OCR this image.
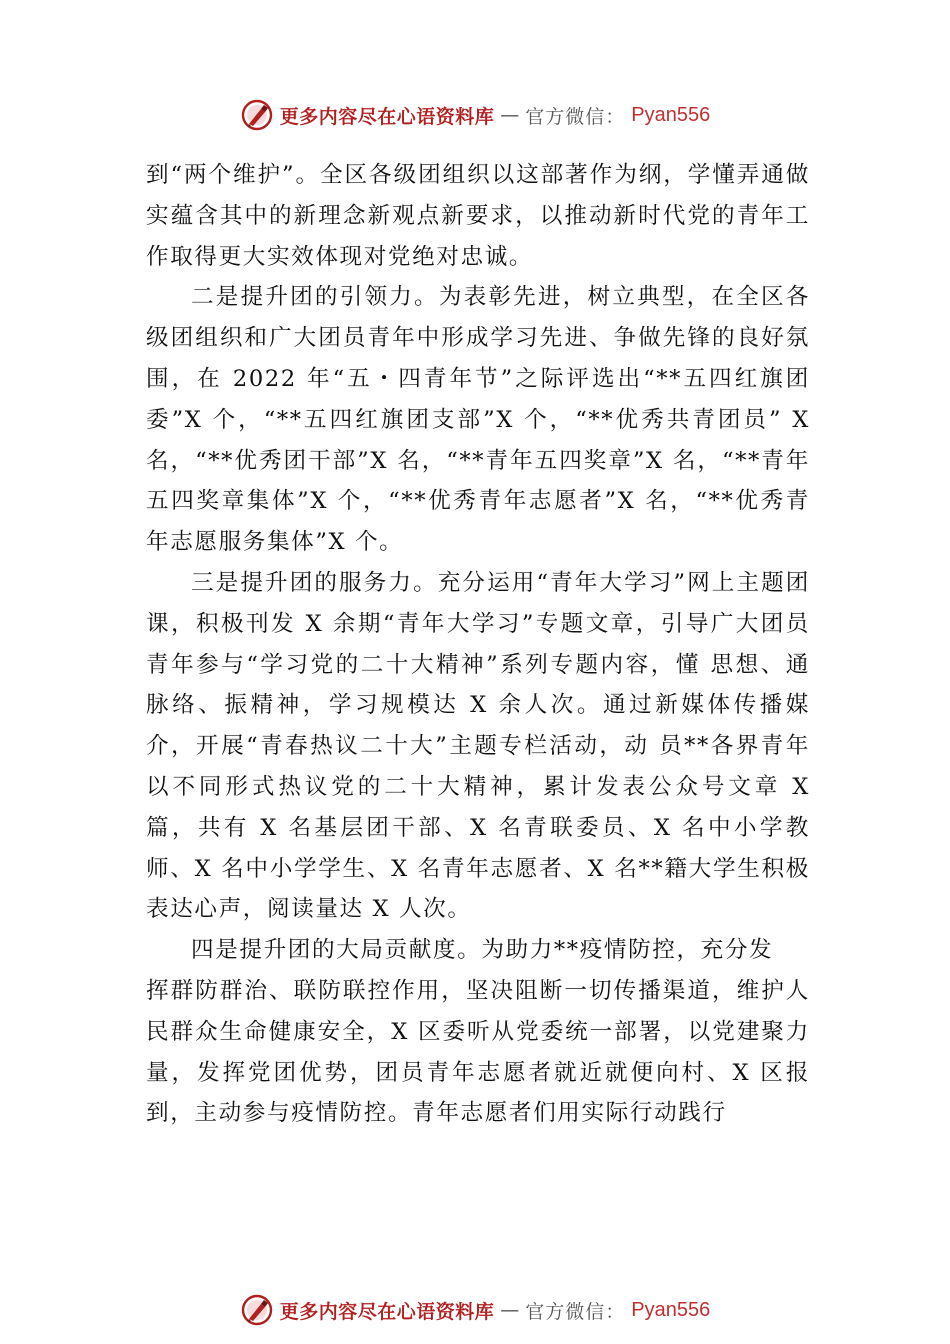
更多内容尽在心语资料库 — 官方微信： Pyan556

到“两个维护”。全区各级团组织以这部著作为纲，学懂弄通做实蕴含其中的新理念新观点新要求，以推动新时代党的青年工作取得更大实效体现对党绝对忠诚。

二是提升团的引领力。为表彰先进，树立典型，在全区各级团组织和广大团员青年中形成学习先进、争做先锋的良好氛围，在 2022 年“五・四青年节”之际评选出“**五四红旗团委”X 个，“**五四红旗团支部”X 个，“**优秀共青团员” X 名，“**优秀团干部”X 名，“**青年五四奖章”X 名，“**青年五四奖章集体”X 个，“**优秀青年志愿者”X 名，“**优秀青年志愿服务集体”X 个。

三是提升团的服务力。充分运用“青年大学习”网上主题团课，积极刊发 X 余期“青年大学习”专题文章，引导广大团员青年参与“学习党的二十大精神”系列专题内容，懂 思想、通脉络、振精神，学习规模达 X 余人次。通过新媒体传播媒介，开展“青春热议二十大”主题专栏活动，动 员**各界青年以不同形式热议党的二十大精神，累计发表公众号文章 X 篇，共有 X 名基层团干部、X 名青联委员、X 名中小学教师、X 名中小学学生、X 名青年志愿者、X 名**籍大学生积极表达心声，阅读量达 X 人次。

四是提升团的大局贡献度。为助力**疫情防控，充分发

挥群防群治、联防联控作用，坚决阻断一切传播渠道，维护人民群众生命健康安全，X 区委听从党委统一部署，以党建聚力量，发挥党团优势，团员青年志愿者就近就便向村、X 区报到，主动参与疫情防控。青年志愿者们用实际行动践行

更多内容尽在心语资料库 — 官方微信： Pyan556
